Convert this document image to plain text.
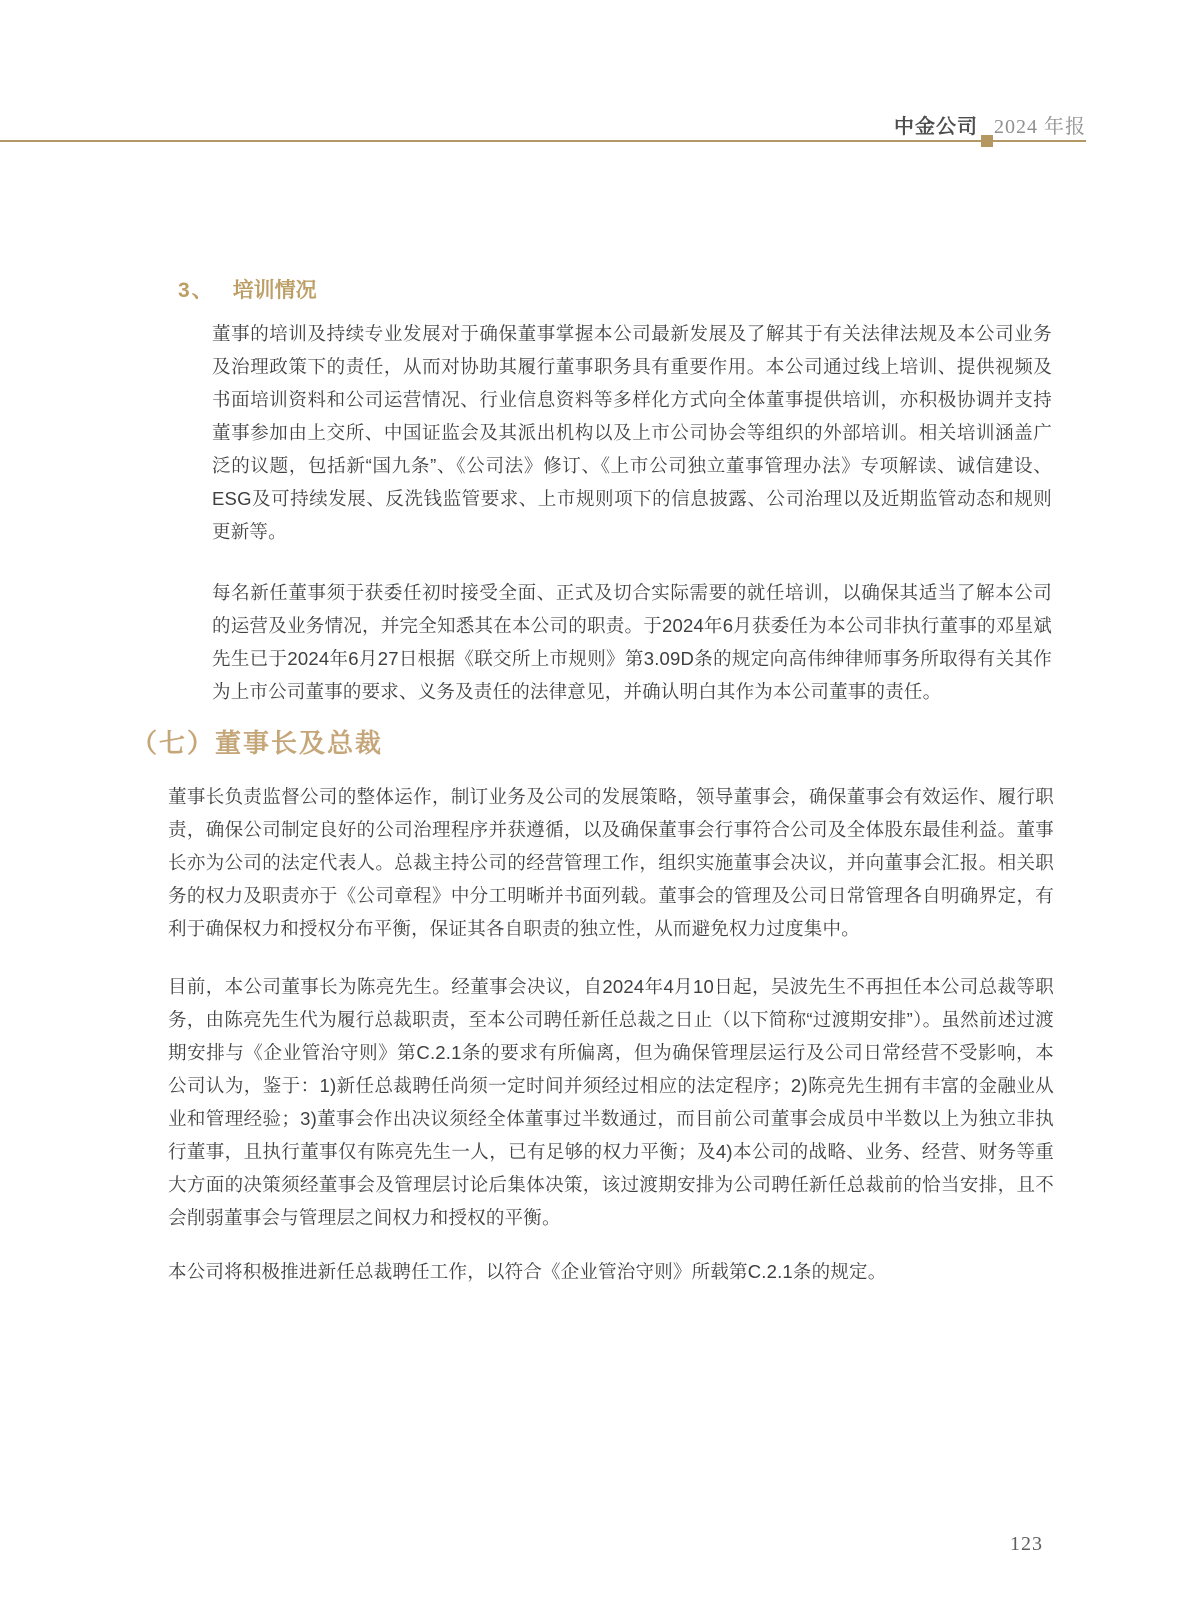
中金公司 2024 年报
3、 培训情况
董事的培训及持续专业发展对于确保董事掌握本公司最新发展及了解其于有关法律法规及本公司业务及治理政策下的责任，从而对协助其履行董事职务具有重要作用。本公司通过线上培训、提供视频及书面培训资料和公司运营情况、行业信息资料等多样化方式向全体董事提供培训，亦积极协调并支持董事参加由上交所、中国证监会及其派出机构以及上市公司协会等组织的外部培训。相关培训涵盖广泛的议题，包括新“国九条”、《公司法》修订、《上市公司独立董事管理办法》专项解读、诚信建设、ESG及可持续发展、反洗钱监管要求、上市规则项下的信息披露、公司治理以及近期监管动态和规则更新等。
每名新任董事须于获委任初时接受全面、正式及切合实际需要的就任培训，以确保其适当了解本公司的运营及业务情况，并完全知悉其在本公司的职责。于2024年6月获委任为本公司非执行董事的邓星斌先生已于2024年6月27日根据《联交所上市规则》第3.09D条的规定向高伟绅律师事务所取得有关其作为上市公司董事的要求、义务及责任的法律意见，并确认明白其作为本公司董事的责任。
（七）董事长及总裁
董事长负责监督公司的整体运作，制订业务及公司的发展策略，领导董事会，确保董事会有效运作、履行职责，确保公司制定良好的公司治理程序并获遵循，以及确保董事会行事符合公司及全体股东最佳利益。董事长亦为公司的法定代表人。总裁主持公司的经营管理工作，组织实施董事会决议，并向董事会汇报。相关职务的权力及职责亦于《公司章程》中分工明晰并书面列载。董事会的管理及公司日常管理各自明确界定，有利于确保权力和授权分布平衡，保证其各自职责的独立性，从而避免权力过度集中。
目前，本公司董事长为陈亮先生。经董事会决议，自2024年4月10日起，吴波先生不再担任本公司总裁等职务，由陈亮先生代为履行总裁职责，至本公司聘任新任总裁之日止（以下简称“过渡期安排”）。虽然前述过渡期安排与《企业管治守则》第C.2.1条的要求有所偏离，但为确保管理层运行及公司日常经营不受影响，本公司认为，鉴于：1)新任总裁聘任尚须一定时间并须经过相应的法定程序；2)陈亮先生拥有丰富的金融业从业和管理经验；3)董事会作出决议须经全体董事过半数通过，而目前公司董事会成员中半数以上为独立非执行董事，且执行董事仅有陈亮先生一人，已有足够的权力平衡；及4)本公司的战略、业务、经营、财务等重大方面的决策须经董事会及管理层讨论后集体决策，该过渡期安排为公司聘任新任总裁前的恰当安排，且不会削弱董事会与管理层之间权力和授权的平衡。
本公司将积极推进新任总裁聘任工作，以符合《企业管治守则》所载第C.2.1条的规定。
123
